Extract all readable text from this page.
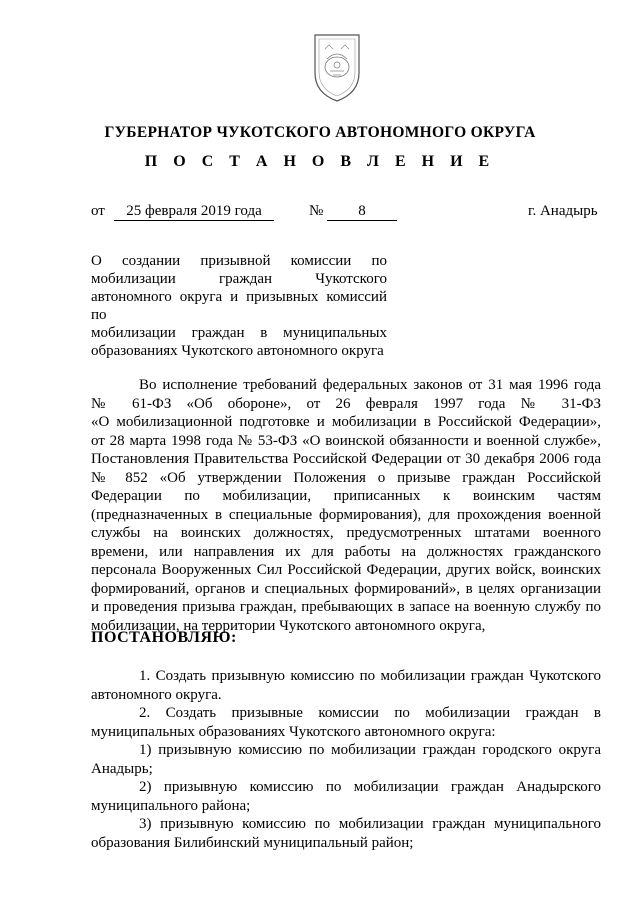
ГУБЕРНАТОР ЧУКОТСКОГО АВТОНОМНОГО ОКРУГА
П О С Т А Н О В Л Е Н И Е
от	25 февраля 2019 года	№	8	г. Анадырь
О создании призывной комиссии по
мобилизации граждан Чукотского
автономного округа и призывных комиссий по
мобилизации граждан в муниципальных
образованиях Чукотского автономного округа
Во исполнение требований федеральных законов от 31 мая 1996 года
№ 61-ФЗ «Об обороне», от 26 февраля 1997 года № 31-ФЗ
«О мобилизационной подготовке и мобилизации в Российской Федерации»,
от 28 марта 1998 года № 53-ФЗ «О воинской обязанности и военной службе»,
Постановления Правительства Российской Федерации от 30 декабря 2006 года
№ 852 «Об утверждении Положения о призыве граждан Российской
Федерации по мобилизации, приписанных к воинским частям
(предназначенных в специальные формирования), для прохождения военной
службы на воинских должностях, предусмотренных штатами военного
времени, или направления их для работы на должностях гражданского
персонала Вооруженных Сил Российской Федерации, других войск, воинских
формирований, органов и специальных формирований», в целях организации
и проведения призыва граждан, пребывающих в запасе на военную службу по
мобилизации, на территории Чукотского автономного округа,
ПОСТАНОВЛЯЮ:
1. Создать призывную комиссию по мобилизации граждан Чукотского
автономного округа.
2. Создать призывные комиссии по мобилизации граждан в
муниципальных образованиях Чукотского автономного округа:
1) призывную комиссию по мобилизации граждан городского округа
Анадырь;
2) призывную комиссию по мобилизации граждан Анадырского
муниципального района;
3) призывную комиссию по мобилизации граждан муниципального
образования Билибинский муниципальный район;
